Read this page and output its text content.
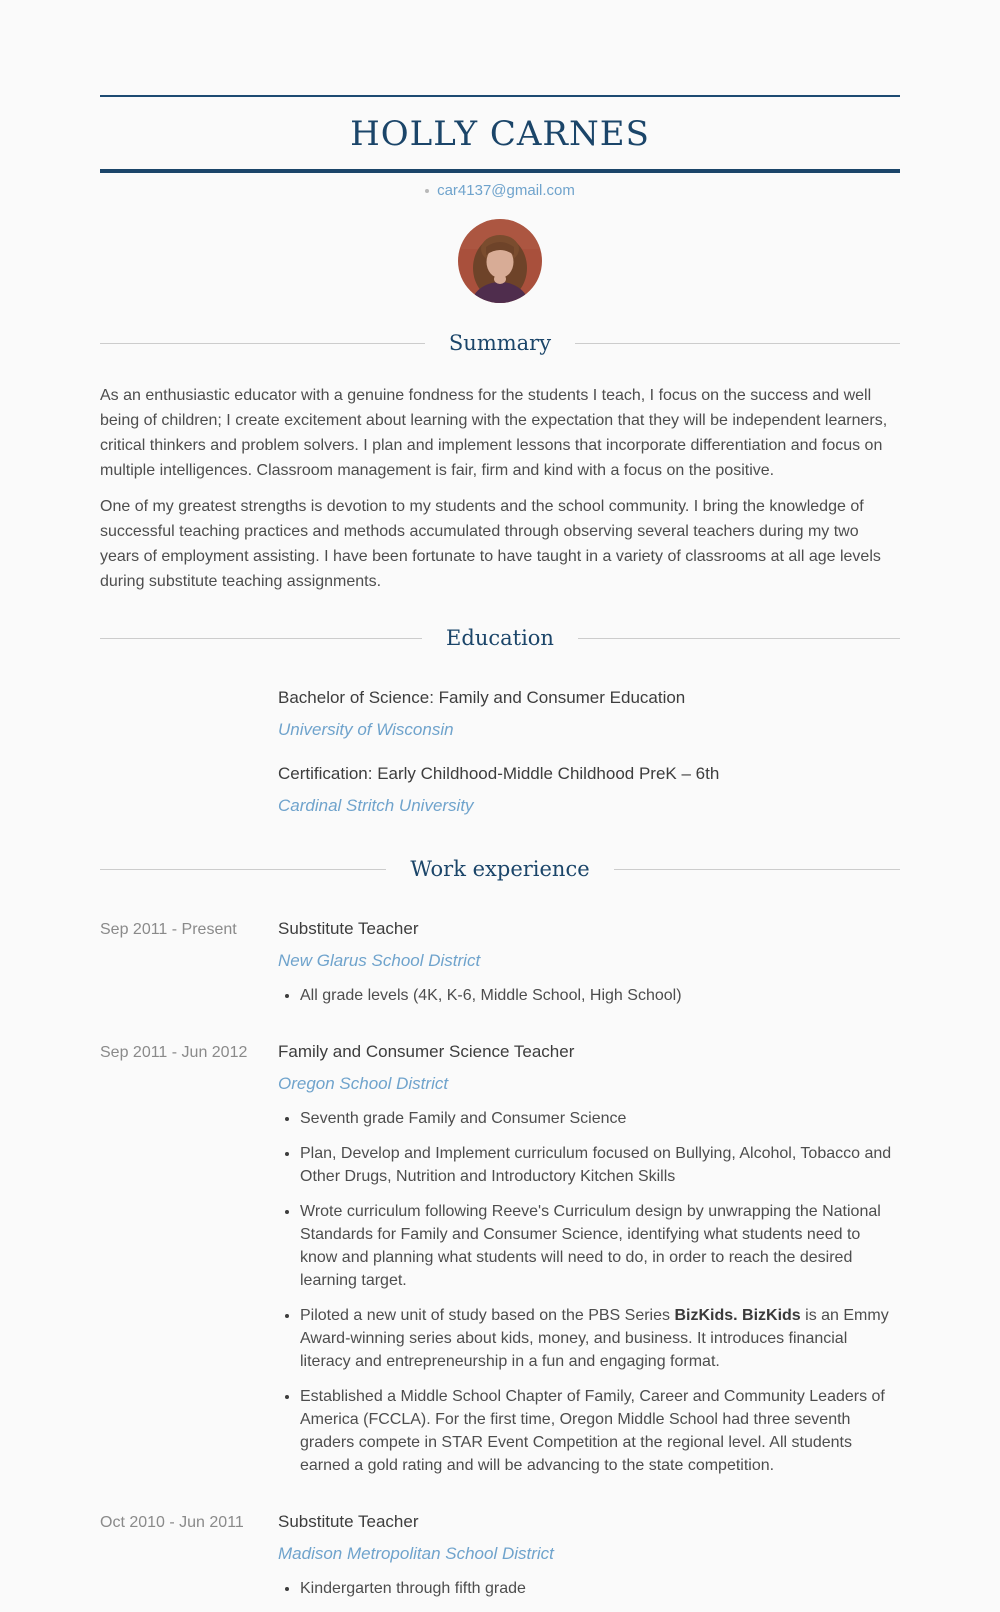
HOLLY CARNES
car4137@gmail.com
Summary

As an enthusiastic educator with a genuine fondness for the students I teach, I focus on the success and well being of children; I create excitement about learning with the expectation that they will be independent learners, critical thinkers and problem solvers. I plan and implement lessons that incorporate differentiation and focus on multiple intelligences. Classroom management is fair, firm and kind with a focus on the positive.

One of my greatest strengths is devotion to my students and the school community. I bring the knowledge of successful teaching practices and methods accumulated through observing several teachers during my two years of employment assisting. I have been fortunate to have taught in a variety of classrooms at all age levels during substitute teaching assignments.

Education
Bachelor of Science: Family and Consumer Education
University of Wisconsin
Certification: Early Childhood-Middle Childhood PreK – 6th
Cardinal Stritch University
Work experience
Sep 2011 - Present	Substitute Teacher
New Glarus School District
• All grade levels (4K, K-6, Middle School, High School)
Sep 2011 - Jun 2012	Family and Consumer Science Teacher
Oregon School District
• Seventh grade Family and Consumer Science
• Plan, Develop and Implement curriculum focused on Bullying, Alcohol, Tobacco and Other Drugs, Nutrition and Introductory Kitchen Skills
• Wrote curriculum following Reeve's Curriculum design by unwrapping the National Standards for Family and Consumer Science, identifying what students need to know and planning what students will need to do, in order to reach the desired learning target.
• Piloted a new unit of study based on the PBS Series BizKids. BizKids is an Emmy Award-winning series about kids, money, and business. It introduces financial literacy and entrepreneurship in a fun and engaging format.
• Established a Middle School Chapter of Family, Career and Community Leaders of America (FCCLA). For the first time, Oregon Middle School had three seventh graders compete in STAR Event Competition at the regional level. All students earned a gold rating and will be advancing to the state competition.
Oct 2010 - Jun 2011	Substitute Teacher
Madison Metropolitan School District
• Kindergarten through fifth grade
